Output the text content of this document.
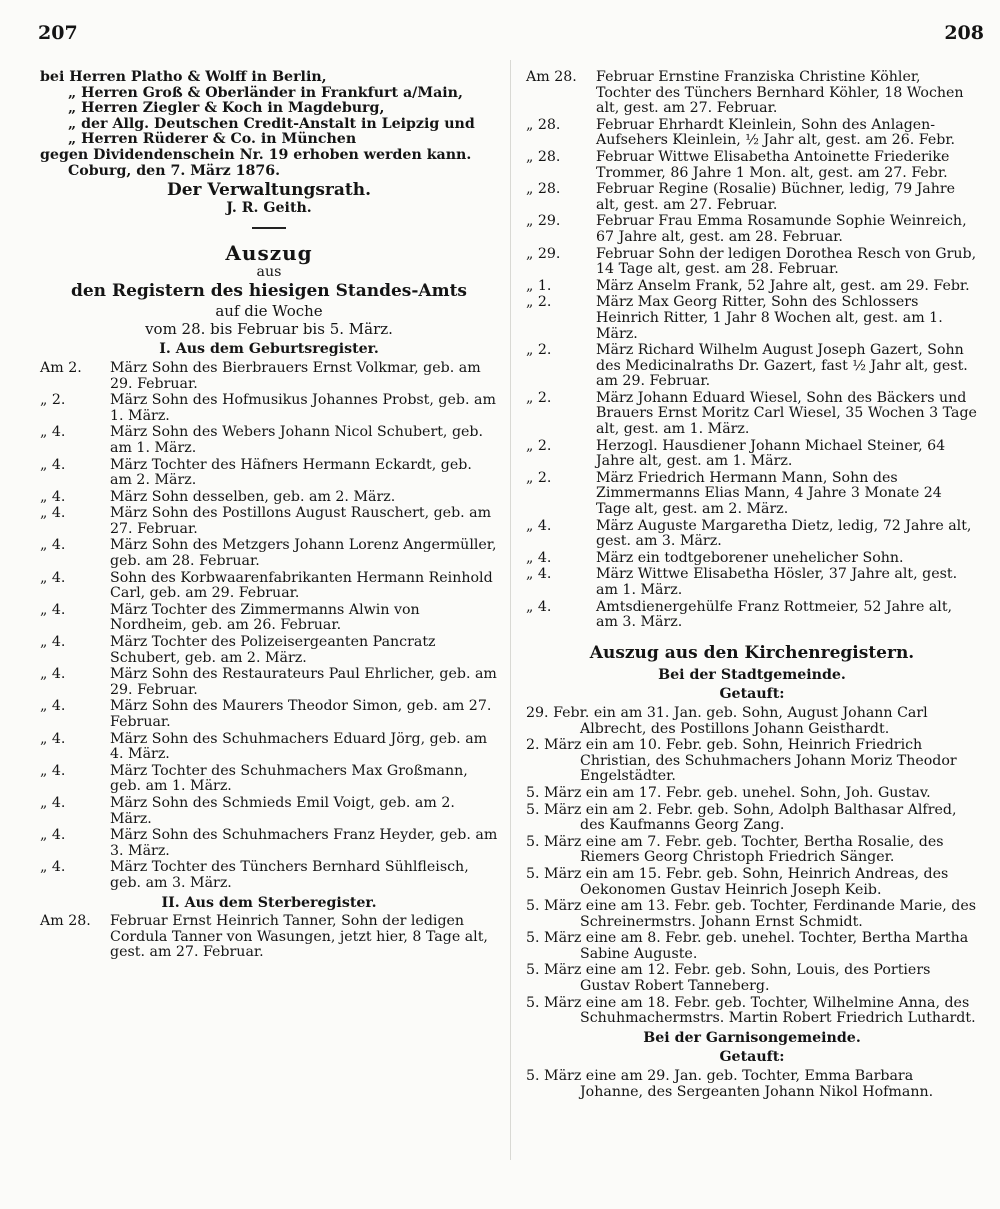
207	208

bei Herren Platho & Wolff in Berlin,

„ Herren Groß & Oberländer in Frankfurt a/Main,

„ Herren Ziegler & Koch in Magdeburg,

„ der Allg. Deutschen Credit-Anstalt in Leipzig und

„ Herren Rüderer & Co. in München

gegen Dividendenschein Nr. 19 erhoben werden kann.

Coburg, den 7. März 1876.

Der Verwaltungsrath.

J. R. Geith.

Auszug

aus

den Registern des hiesigen Standes-Amts

auf die Woche

vom 28. bis Februar bis 5. März.

I. Aus dem Geburtsregister.
Am 2. März Sohn des Bierbrauers Ernst Volkmar, geb. am 29. Februar.
„ 2.	März Sohn des Hofmusikus Johannes Probst, geb. am 1. März.
„ 4.	März Sohn des Webers Johann Nicol Schubert, geb. am 1. März.
„ 4.	März Tochter des Häfners Hermann Eckardt, geb. am 2. März.
„ 4.	März Sohn desselben, geb. am 2. März.
„ 4.	März Sohn des Postillons August Rauschert, geb. am 27. Februar.
„ 4.	März Sohn des Metzgers Johann Lorenz Angermüller, geb. am 28. Februar.
„ 4.	Sohn des Korbwaarenfabrikanten Hermann Reinhold Carl, geb. am 29. Februar.
„ 4.	März Tochter des Zimmermanns Alwin von Nordheim, geb. am 26. Februar.
„ 4.	März Tochter des Polizeisergeanten Pancratz Schubert, geb. am 2. März.
„ 4.	März Sohn des Restaurateurs Paul Ehrlicher, geb. am 29. Februar.
„ 4.	März Sohn des Maurers Theodor Simon, geb. am 27. Februar.
„ 4.	März Sohn des Schuhmachers Eduard Jörg, geb. am 4. März.
„ 4.	März Tochter des Schuhmachers Max Großmann, geb. am 1. März.
„ 4.	März Sohn des Schmieds Emil Voigt, geb. am 2. März.
„ 4.	März Sohn des Schuhmachers Franz Heyder, geb. am 3. März.
„ 4.	März Tochter des Tünchers Bernhard Sühlfleisch, geb. am 3. März.
II. Aus dem Sterberegister.
Am 28. Februar Ernst Heinrich Tanner, Sohn der ledigen Cordula Tanner von Wasungen, jetzt hier, 8 Tage alt, gest. am 27. Februar.
Am 28. Februar Ernstine Franziska Christine Köhler, Tochter des Tünchers Bernhard Köhler, 18 Wochen alt, gest. am 27. Februar.
„ 28.	Februar Ehrhardt Kleinlein, Sohn des Anlagen-Aufsehers Kleinlein, ½ Jahr alt, gest. am 26. Febr.
„ 28.	Februar Wittwe Elisabetha Antoinette Friederike Trommer, 86 Jahre 1 Mon. alt, gest. am 27. Febr.
„ 28.	Februar Regine (Rosalie) Büchner, ledig, 79 Jahre alt, gest. am 27. Februar.
„ 29.	Februar Frau Emma Rosamunde Sophie Weinreich, 67 Jahre alt, gest. am 28. Februar.
„ 29.	Februar Sohn der ledigen Dorothea Resch von Grub, 14 Tage alt, gest. am 28. Februar.
„ 1.	März Anselm Frank, 52 Jahre alt, gest. am 29. Febr.
„ 2.	März Max Georg Ritter, Sohn des Schlossers Heinrich Ritter, 1 Jahr 8 Wochen alt, gest. am 1. März.
„ 2.	März Richard Wilhelm August Joseph Gazert, Sohn des Medicinalraths Dr. Gazert, fast ½ Jahr alt, gest. am 29. Februar.
„ 2.	März Johann Eduard Wiesel, Sohn des Bäckers und Brauers Ernst Moritz Carl Wiesel, 35 Wochen 3 Tage alt, gest. am 1. März.
„ 2.	Herzogl. Hausdiener Johann Michael Steiner, 64 Jahre alt, gest. am 1. März.
„ 2.	März Friedrich Hermann Mann, Sohn des Zimmermanns Elias Mann, 4 Jahre 3 Monate 24 Tage alt, gest. am 2. März.
„ 4.	März Auguste Margaretha Dietz, ledig, 72 Jahre alt, gest. am 3. März.
„ 4.	März ein todtgeborener unehelicher Sohn.
„ 4.	März Wittwe Elisabetha Hösler, 37 Jahre alt, gest. am 1. März.
„ 4.	Amtsdienergehülfe Franz Rottmeier, 52 Jahre alt, am 3. März.
Auszug aus den Kirchenregistern.
Bei der Stadtgemeinde.
Getauft:
29. Febr. ein am 31. Jan. geb. Sohn, August Johann Carl Albrecht, des Postillons Johann Geisthardt.
2. März ein am 10. Febr. geb. Sohn, Heinrich Friedrich Christian, des Schuhmachers Johann Moriz Theodor Engelstädter.
5. März ein am 17. Febr. geb. unehel. Sohn, Joh. Gustav.
5. März ein am 2. Febr. geb. Sohn, Adolph Balthasar Alfred, des Kaufmanns Georg Zang.
5. März eine am 7. Febr. geb. Tochter, Bertha Rosalie, des Riemers Georg Christoph Friedrich Sänger.
5. März ein am 15. Febr. geb. Sohn, Heinrich Andreas, des Oekonomen Gustav Heinrich Joseph Keib.
5. März eine am 13. Febr. geb. Tochter, Ferdinande Marie, des Schreinermstrs. Johann Ernst Schmidt.
5. März eine am 8. Febr. geb. unehel. Tochter, Bertha Martha Sabine Auguste.
5. März eine am 12. Febr. geb. Sohn, Louis, des Portiers Gustav Robert Tanneberg.
5. März eine am 18. Febr. geb. Tochter, Wilhelmine Anna, des Schuhmachermstrs. Martin Robert Friedrich Luthardt.
Bei der Garnisongemeinde.
Getauft:
5. März eine am 29. Jan. geb. Tochter, Emma Barbara Johanne, des Sergeanten Johann Nikol Hofmann.
